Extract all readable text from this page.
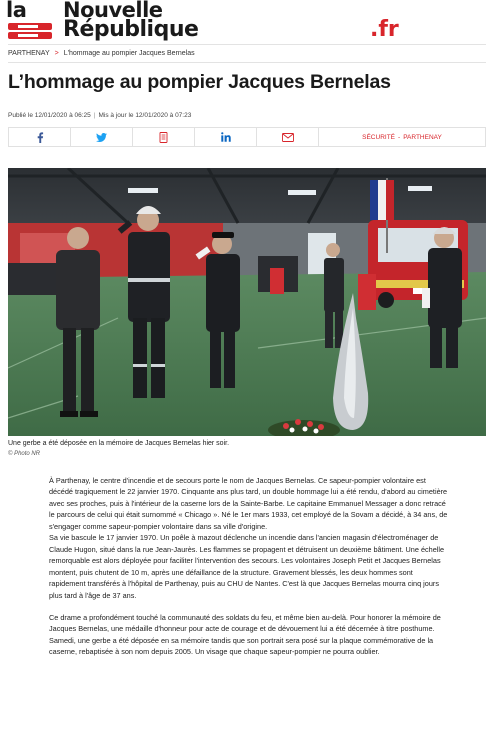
la Nouvelle
République	.fr
PARTHENAY > L'hommage au pompier Jacques Bernelas
L’hommage au pompier Jacques Bernelas
Publié le 12/01/2020 à 06:25 | Mis à jour le 12/01/2020 à 07:23
SÉCURITÉ - PARTHENAY
Une gerbe a été déposée en la mémoire de Jacques Bernelas hier soir.
© Photo NR

À Parthenay, le centre d'incendie et de secours porte le nom de Jacques Bernelas. Ce sapeur-pompier volontaire est décédé tragiquement le 22 janvier 1970. Cinquante ans plus tard, un double hommage lui a été rendu, d'abord au cimetière avec ses proches, puis à l'intérieur de la caserne lors de la Sainte-Barbe. Le capitaine Emmanuel Messager a donc retracé le parcours de celui qui était surnommé « Chicago ». Né le 1er mars 1933, cet employé de la Sovam a décidé, à 34 ans, de s'engager comme sapeur-pompier volontaire dans sa ville d'origine.

Sa vie bascule le 17 janvier 1970. Un poêle à mazout déclenche un incendie dans l'ancien magasin d'électroménager de Claude Hugon, situé dans la rue Jean-Jaurès. Les flammes se propagent et détruisent un deuxième bâtiment. Une échelle remorquable est alors déployée pour faciliter l'intervention des secours. Les volontaires Joseph Petit et Jacques Bernelas montent, puis chutent de 10 m, après une défaillance de la structure. Gravement blessés, les deux hommes sont rapidement transférés à l'hôpital de Parthenay, puis au CHU de Nantes. C'est là que Jacques Bernelas mourra cinq jours plus tard à l'âge de 37 ans.

Ce drame a profondément touché la communauté des soldats du feu, et même bien au-delà. Pour honorer la mémoire de Jacques Bernelas, une médaille d'honneur pour acte de courage et de dévouement lui a été décernée à titre posthume. Samedi, une gerbe a été déposée en sa mémoire tandis que son portrait sera posé sur la plaque commémorative de la caserne, rebaptisée à son nom depuis 2005. Un visage que chaque sapeur-pompier ne pourra oublier.
